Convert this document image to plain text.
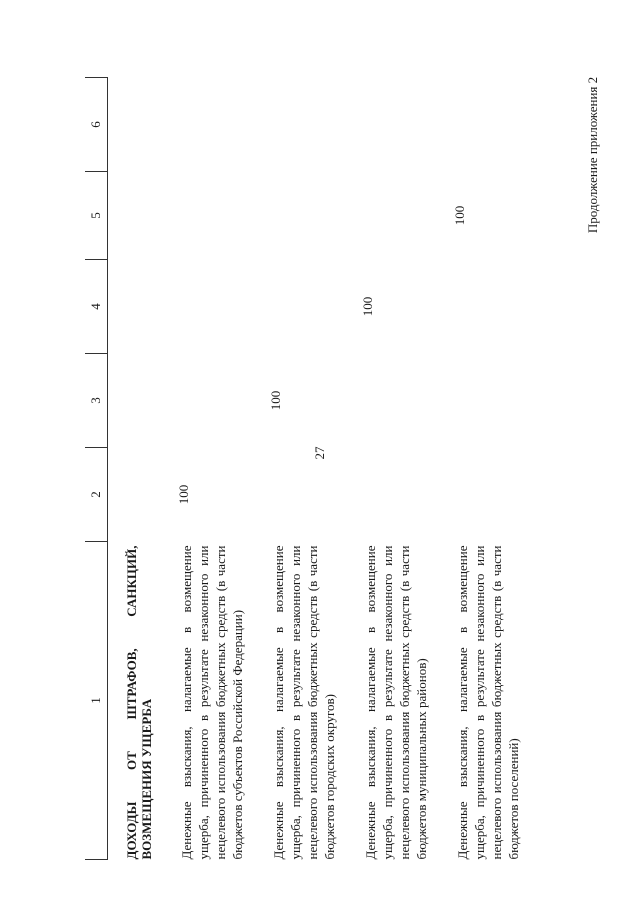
27
Продолжение приложения 2
1	2	3	4	5	6
ДОХОДЫ ОТ ШТРАФОВ, САНКЦИЙ, ВОЗМЕЩЕНИЯ УЩЕРБА					
Денежные взыскания, налагаемые в возмещение ущерба, причиненного в результате незаконного или нецелевого использования бюджетных средств (в части бюджетов субъектов Российской Федерации)	100				
Денежные взыскания, налагаемые в возмещение ущерба, причиненного в результате незаконного или нецелевого использования бюджетных средств (в части бюджетов городских округов)		100			
Денежные взыскания, налагаемые в возмещение ущерба, причиненного в результате незаконного или нецелевого использования бюджетных средств (в части бюджетов муниципальных районов)			100		
Денежные взыскания, налагаемые в возмещение ущерба, причиненного в результате незаконного или нецелевого использования бюджетных средств (в части бюджетов поселений)				100	
